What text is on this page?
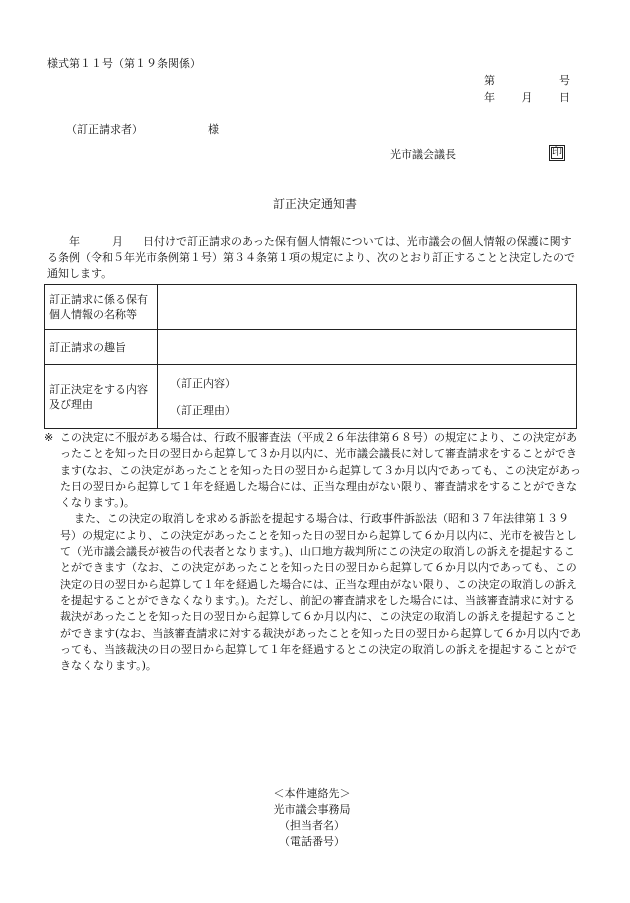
様式第１１号（第１９条関係）
第	号
年 月 日
（訂正請求者）	様
光市議会議長	印
訂正決定通知書
年	月 日付けで訂正請求のあった保有個人情報については、光市議会の個人情報の保護に関する条例（令和５年光市条例第１号）第３４条第１項の規定により、次のとおり訂正することと決定したので通知します。
訂正請求に係る保有個人情報の名称等	
訂正請求の趣旨	
訂正決定をする内容及び理由	（訂正内容）
（訂正理由）

※ この決定に不服がある場合は、行政不服審査法（平成２６年法律第６８号）の規定により、この決定があったことを知った日の翌日から起算して３か月以内に、光市議会議長に対して審査請求をすることができます(なお、この決定があったことを知った日の翌日から起算して３か月以内であっても、この決定があった日の翌日から起算して１年を経過した場合には、正当な理由がない限り、審査請求をすることができなくなります。)。

また、この決定の取消しを求める訴訟を提起する場合は、行政事件訴訟法（昭和３７年法律第１３９号）の規定により、この決定があったことを知った日の翌日から起算して６か月以内に、光市を被告として（光市議会議長が被告の代表者となります。)、山口地方裁判所にこの決定の取消しの訴えを提起することができます（なお、この決定があったことを知った日の翌日から起算して６か月以内であっても、この決定の日の翌日から起算して１年を経過した場合には、正当な理由がない限り、この決定の取消しの訴えを提起することができなくなります。)。ただし、前記の審査請求をした場合には、当該審査請求に対する裁決があったことを知った日の翌日から起算して６か月以内に、この決定の取消しの訴えを提起することができます(なお、当該審査請求に対する裁決があったことを知った日の翌日から起算して６か月以内であっても、当該裁決の日の翌日から起算して１年を経過するとこの決定の取消しの訴えを提起することができなくなります。)。

＜本件連絡先＞
光市議会事務局
（担当者名）
（電話番号）
